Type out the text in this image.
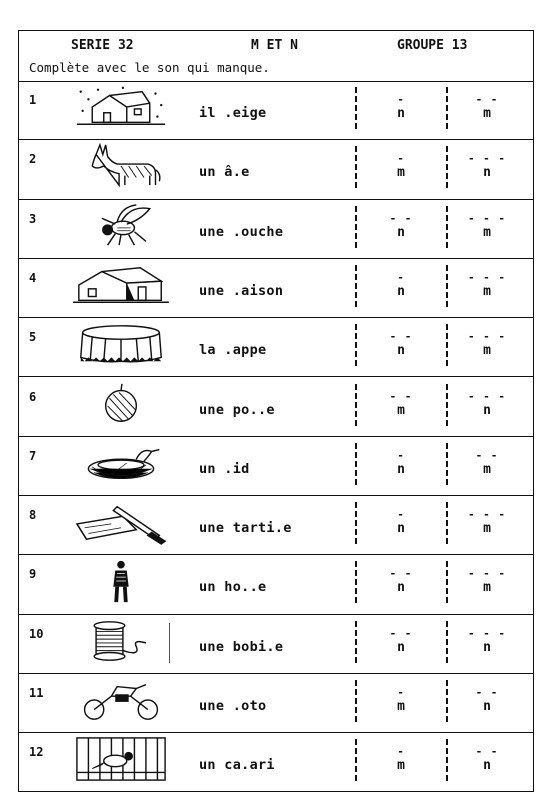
SERIE 32	M ET N	GROUPE 13
Complète avec le son qui manque.
1
il .eige
-
n
- -
m
2
un â.e
-
m
- - -
n
3
une .ouche
- -
n
- - -
m
4
une .aison
-
n
- - -
m
5
la .appe
- -
n
- - -
m
6
une po..e
- -
m
- - -
n
7
un .id
-
n
- -
m
8
une tarti.e
-
n
- - -
m
9
un ho..e
- -
n
- - -
m
10
une bobi.e
- -
n
- - -
n
11
une .oto
-
m
- -
n
12
un ca.ari
-
m
- -
n
